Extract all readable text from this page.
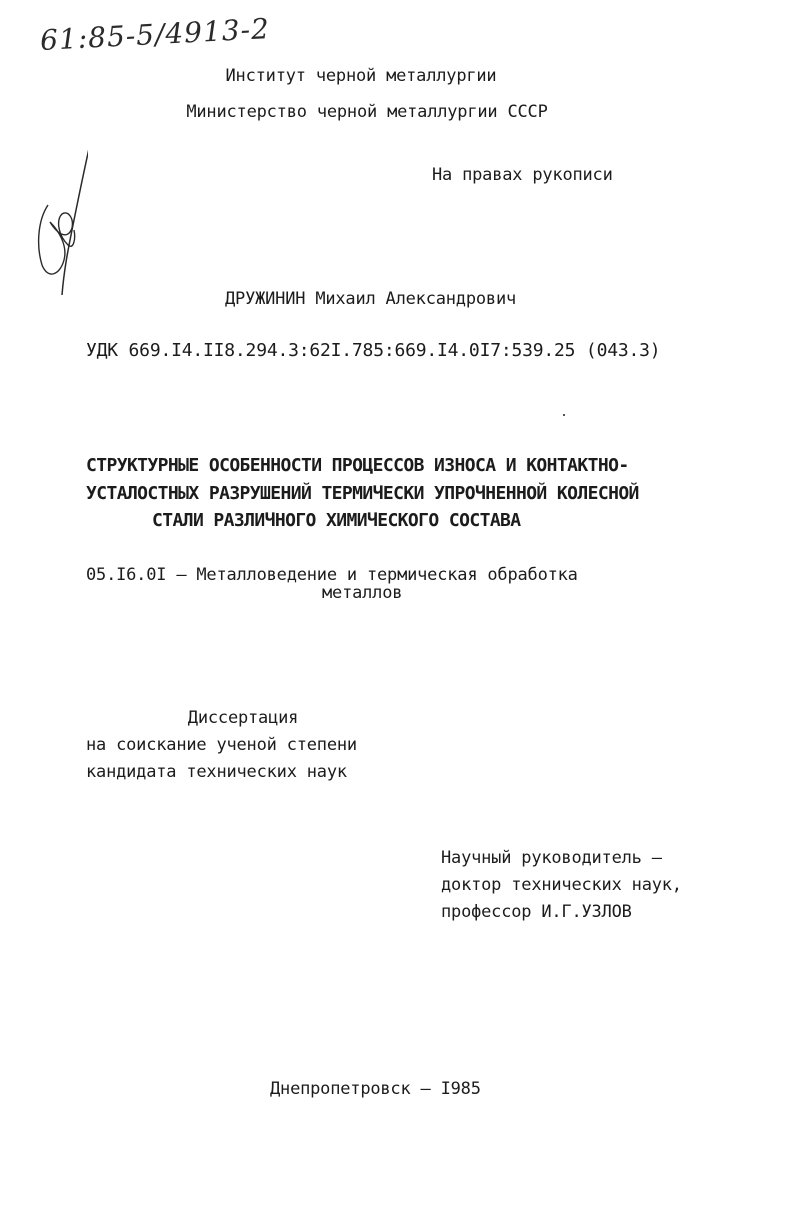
61:85-5/4913-2
Институт черной металлургии
Министерство черной металлургии СССР
На правах рукописи
ДРУЖИНИН Михаил Александрович
УДК 669.I4.II8.294.3:62I.785:669.I4.0I7:539.25 (043.3)
СТРУКТУРНЫЕ ОСОБЕННОСТИ ПРОЦЕССОВ ИЗНОСА И КОНТАКТНО-
УСТАЛОСТНЫХ РАЗРУШЕНИЙ ТЕРМИЧЕСКИ УПРОЧНЕННОЙ КОЛЕСНОЙ
СТАЛИ РАЗЛИЧНОГО ХИМИЧЕСКОГО СОСТАВА
05.I6.0I – Металловедение и термическая обработка
металлов
Диссертация
на соискание ученой степени
кандидата технических наук
Научный руководитель –
доктор технических наук,
профессор И.Г.УЗЛОВ
Днепропетровск – I985
